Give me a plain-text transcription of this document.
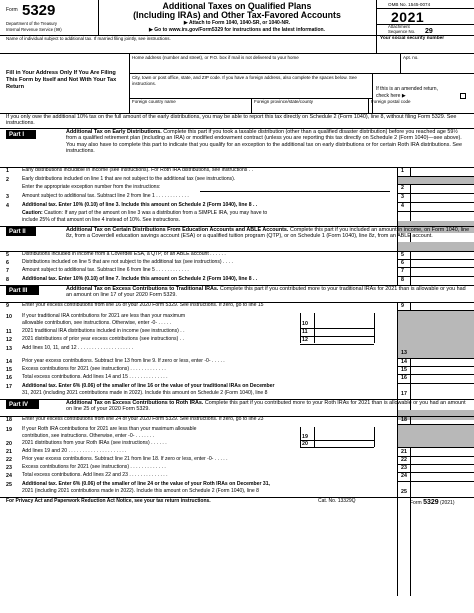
Form 5329
Department of the Treasury
Internal Revenue Service (99)
Additional Taxes on Qualified Plans
(Including IRAs) and Other Tax-Favored Accounts
▶ Attach to Form 1040, 1040-SR, or 1040-NR.
▶ Go to www.irs.gov/Form5329 for instructions and the latest information.
OMB No. 1545-0074
2021
Attachment
Sequence No. 29
Name of individual subject to additional tax. If married filing jointly, see instructions.	Your social security number
Fill in Your Address Only If You Are Filing This Form by Itself and Not With Your Tax Return
Home address (number and street), or P.O. box if mail is not delivered to your home	Apt. no.
City, town or post office, state, and ZIP code. If you have a foreign address, also complete the spaces below. See instructions.
If this is an amended return, check here ▶
Foreign country name	Foreign province/state/county	Foreign postal code
If you only owe the additional 10% tax on the full amount of the early distributions, you may be able to report this tax directly on Schedule 2 (Form 1040), line 8, without filing Form 5329. See instructions.
Part I	Additional Tax on Early Distributions. Complete this part if you took a taxable distribution (other than a qualified disaster distribution) before you reached age 59½ from a qualified retirement plan (including an IRA) or modified endowment contract (unless you are reporting this tax directly on Schedule 2 (Form 1040)—see above). You may also have to complete this part to indicate that you qualify for an exception to the additional tax on early distributions or for certain Roth IRA distributions. See instructions.
1	Early distributions includible in income (see instructions). For Roth IRA distributions, see instructions . .	1
2	Early distributions included on line 1 that are not subject to the additional tax (see instructions).
Enter the appropriate exception number from the instructions:	2
3	Amount subject to additional tax. Subtract line 2 from line 1 . . . . . . . . . . . .	3
4	Additional tax. Enter 10% (0.10) of line 3. Include this amount on Schedule 2 (Form 1040), line 8 . .
Caution: Caution: If any part of the amount on line 3 was a distribution from a SIMPLE IRA, you may have to
include 25% of that amount on line 4 instead of 10%. See instructions.
4
Part II	Additional Tax on Certain Distributions From Education Accounts and ABLE Accounts. Complete this part if you included an amount in income, on Form 1040, line 8z, from a Coverdell education savings account (ESA) or a qualified tuition program (QTP), or on Schedule 1 (Form 1040), line 8z, from an ABLE account.
5	Distributions included in income from a Coverdell ESA, a QTP, or an ABLE account . . . . . .	5
6	Distributions included on line 5 that are not subject to the additional tax (see instructions) . . . .	6
7	Amount subject to additional tax. Subtract line 6 from line 5 . . . . . . . . . . . .	7
8	Additional tax. Enter 10% (0.10) of line 7. Include this amount on Schedule 2 (Form 1040), line 8 . .	8
Part III	Additional Tax on Excess Contributions to Traditional IRAs. Complete this part if you contributed more to your traditional IRAs for 2021 than is allowable or you had an amount on line 17 of your 2020 Form 5329.
9	Enter your excess contributions from line 16 of your 2020 Form 5329. See instructions. If zero, go to line 15	9
10 If your traditional IRA contributions for 2021 are less than your maximum
allowable contribution, see instructions. Otherwise, enter -0- . . . . .	10
11 2021 traditional IRA distributions included in income (see instructions) . .	11
12 2021 distributions of prior year excess contributions (see instructions) . .	12
13 Add lines 10, 11, and 12 . . . . . . . . . . . . . . . . . . . .
13
14 Prior year excess contributions. Subtract line 13 from line 9. If zero or less, enter -0- . . . . .	14
15 Excess contributions for 2021 (see instructions) . . . . . . . . . . . . .	15
16 Total excess contributions. Add lines 14 and 15 . . . . . . . . . . . . . .	16
17 Additional tax. Enter 6% (0.06) of the smaller of line 16 or the value of your traditional IRAs on December
31, 2021 (including 2021 contributions made in 2022). Include this amount on Schedule 2 (Form 1040), line 8	17
Part IV	Additional Tax on Excess Contributions to Roth IRAs. Complete this part if you contributed more to your Roth IRAs for 2021 than is allowable or you had an amount on line 25 of your 2020 Form 5329.
18 Enter your excess contributions from line 24 of your 2020 Form 5329. See instructions. If zero, go to line 23	18
19 If your Roth IRA contributions for 2021 are less than your maximum allowable
contribution, see instructions. Otherwise, enter -0- . . . . . . .	19
20 2021 distributions from your Roth IRAs (see instructions) . . . . . .	20
21 Add lines 19 and 20 . . . . . . . . . . . . . . . . . . . . .	21
22 Prior year excess contributions. Subtract line 21 from line 18. If zero or less, enter -0- . . . . .	22
23 Excess contributions for 2021 (see instructions) . . . . . . . . . . . . .	23
24 Total excess contributions. Add lines 22 and 23 . . . . . . . . . . . . . .	24
25 Additional tax. Enter 6% (0.06) of the smaller of line 24 or the value of your Roth IRAs on December 31,
2021 (including 2021 contributions made in 2022). Include this amount on Schedule 2 (Form 1040), line 8	25
For Privacy Act and Paperwork Reduction Act Notice, see your tax return instructions.	Cat. No. 13329Q	Form 5329 (2021)
